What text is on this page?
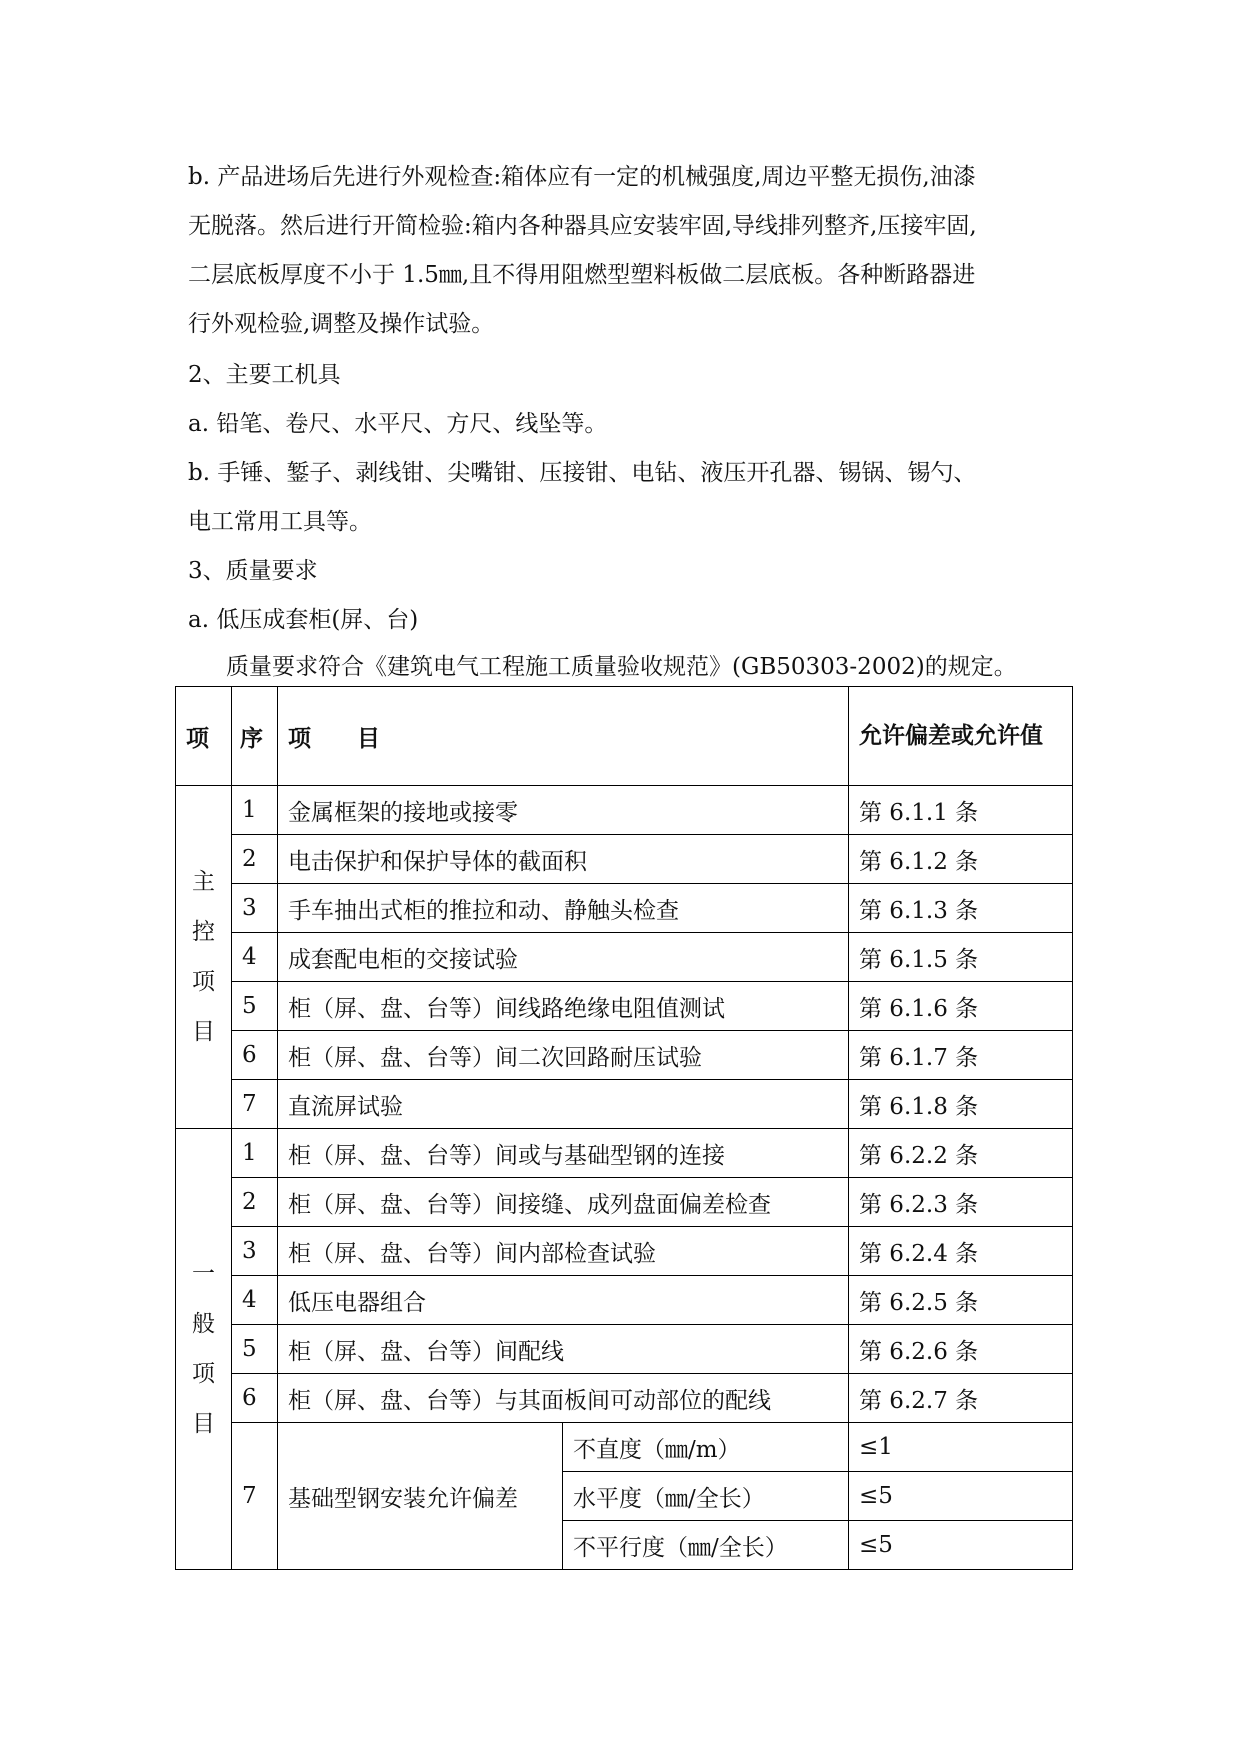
b. 产品进场后先进行外观检查:箱体应有一定的机械强度,周边平整无损伤,油漆

无脱落。然后进行开简检验:箱内各种器具应安装牢固,导线排列整齐,压接牢固,

二层底板厚度不小于 1.5㎜,且不得用阻燃型塑料板做二层底板。各种断路器进

行外观检验,调整及操作试验。

2、主要工机具

a. 铅笔、卷尺、水平尺、方尺、线坠等。

b. 手锤、錾子、剥线钳、尖嘴钳、压接钳、电钻、液压开孔器、锡锅、锡勺、

电工常用工具等。

3、质量要求

a. 低压成套柜(屏、台)

质量要求符合《建筑电气工程施工质量验收规范》(GB50303-2002)的规定。

项	序	项　　目 允许偏差或允许值		

主
控
项
目	1	金属框架的接地或接零		第 6.1.1 条
	2	电击保护和保护导体的截面积		第 6.1.2 条
	3	手车抽出式柜的推拉和动、静触头检查		第 6.1.3 条
	4	成套配电柜的交接试验		第 6.1.5 条
	5	柜（屏、盘、台等）间线路绝缘电阻值测试		第 6.1.6 条
	6	柜（屏、盘、台等）间二次回路耐压试验		第 6.1.7 条
	7	直流屏试验		第 6.1.8 条

一
般
项
目	1	柜（屏、盘、台等）间或与基础型钢的连接		第 6.2.2 条
	2	柜（屏、盘、台等）间接缝、成列盘面偏差检查		第 6.2.3 条
	3	柜（屏、盘、台等）间内部检查试验		第 6.2.4 条
	4	低压电器组合		第 6.2.5 条
	5	柜（屏、盘、台等）间配线		第 6.2.6 条
	6	柜（屏、盘、台等）与其面板间可动部位的配线		第 6.2.7 条
	7	基础型钢安装允许偏差	不直度（㎜/m）	≤1
			水平度（㎜/全长）	≤5
			不平行度（㎜/全长）	≤5
